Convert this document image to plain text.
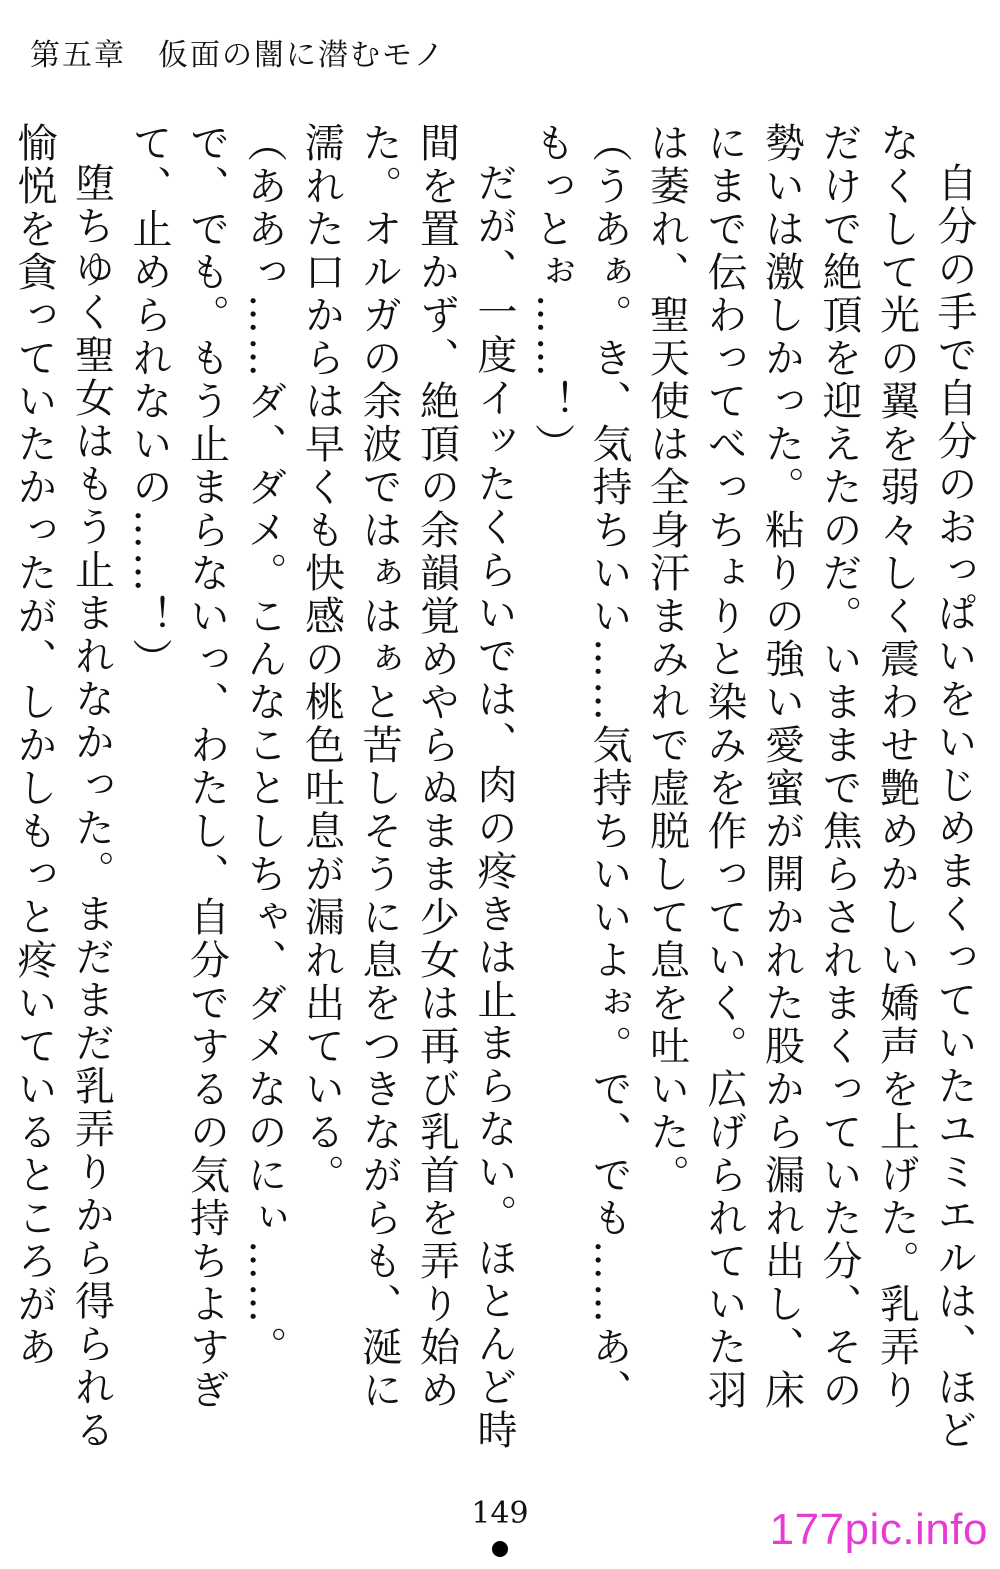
第五章　仮面の闇に潜むモノ

自分の手で自分のおっぱいをいじめまくっていたユミエルは、ほどなくして光の翼を弱々しく震わせ艶めかしい嬌声を上げた。乳弄りだけで絶頂を迎えたのだ。いままで焦らされまくっていた分、その勢いは激しかった。粘りの強い愛蜜が開かれた股から漏れ出し、床にまで伝わってべっちょりと染みを作っていく。広げられていた羽は萎れ、聖天使は全身汗まみれで虚脱して息を吐いた。

（うあぁ。き、気持ちいい……気持ちいいよぉ。で、でも……あ、もっとぉ……！）

だが、一度イッたくらいでは、肉の疼きは止まらない。ほとんど時間を置かず、絶頂の余韻覚めやらぬまま少女は再び乳首を弄り始めた。オルガの余波ではぁはぁと苦しそうに息をつきながらも、涎に濡れた口からは早くも快感の桃色吐息が漏れ出ている。

（ああっ……ダ、ダメ。こんなことしちゃ、ダメなのにぃ……。で、でも。もう止まらないっ、わたし、自分でするの気持ちよすぎて、止められないの……！）

堕ちゆく聖女はもう止まれなかった。まだまだ乳弄りから得られる愉悦を貪っていたかったが、しかしもっと疼いているところがあ

149	177pic.info
